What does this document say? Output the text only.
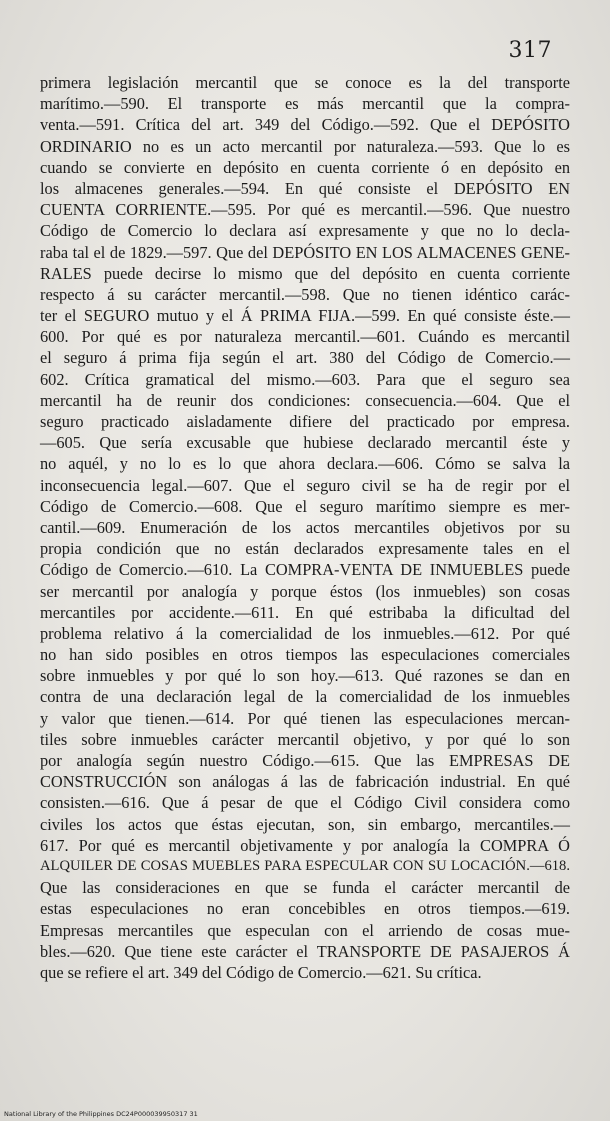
317
primera legislación mercantil que se conoce es la del transporte
marítimo.—590. El transporte es más mercantil que la compra-
venta.—591. Crítica del art. 349 del Código.—592. Que el DEPÓSITO
ORDINARIO no es un acto mercantil por naturaleza.—593. Que lo es
cuando se convierte en depósito en cuenta corriente ó en depósito en
los almacenes generales.—594. En qué consiste el DEPÓSITO EN
CUENTA CORRIENTE.—595. Por qué es mercantil.—596. Que nuestro
Código de Comercio lo declara así expresamente y que no lo decla-
raba tal el de 1829.—597. Que del DEPÓSITO EN LOS ALMACENES GENE-
RALES puede decirse lo mismo que del depósito en cuenta corriente
respecto á su carácter mercantil.—598. Que no tienen idéntico carác-
ter el SEGURO mutuo y el Á PRIMA FIJA.—599. En qué consiste éste.—
600. Por qué es por naturaleza mercantil.—601. Cuándo es mercantil
el seguro á prima fija según el art. 380 del Código de Comercio.—
602. Crítica gramatical del mismo.—603. Para que el seguro sea
mercantil ha de reunir dos condiciones: consecuencia.—604. Que el
seguro practicado aisladamente difiere del practicado por empresa.
—605. Que sería excusable que hubiese declarado mercantil éste y
no aquél, y no lo es lo que ahora declara.—606. Cómo se salva la
inconsecuencia legal.—607. Que el seguro civil se ha de regir por el
Código de Comercio.—608. Que el seguro marítimo siempre es mer-
cantil.—609. Enumeración de los actos mercantiles objetivos por su
propia condición que no están declarados expresamente tales en el
Código de Comercio.—610. La COMPRA-VENTA DE INMUEBLES puede
ser mercantil por analogía y porque éstos (los inmuebles) son cosas
mercantiles por accidente.—611. En qué estribaba la dificultad del
problema relativo á la comercialidad de los inmuebles.—612. Por qué
no han sido posibles en otros tiempos las especulaciones comerciales
sobre inmuebles y por qué lo son hoy.—613. Qué razones se dan en
contra de una declaración legal de la comercialidad de los inmuebles
y valor que tienen.—614. Por qué tienen las especulaciones mercan-
tiles sobre inmuebles carácter mercantil objetivo, y por qué lo son
por analogía según nuestro Código.—615. Que las EMPRESAS DE
CONSTRUCCIÓN son análogas á las de fabricación industrial. En qué
consisten.—616. Que á pesar de que el Código Civil considera como
civiles los actos que éstas ejecutan, son, sin embargo, mercantiles.—
617. Por qué es mercantil objetivamente y por analogía la COMPRA Ó
ALQUILER DE COSAS MUEBLES PARA ESPECULAR CON SU LOCACIÓN.—618.
Que las consideraciones en que se funda el carácter mercantil de
estas especulaciones no eran concebibles en otros tiempos.—619.
Empresas mercantiles que especulan con el arriendo de cosas mue-
bles.—620. Que tiene este carácter el TRANSPORTE DE PASAJEROS Á
que se refiere el art. 349 del Código de Comercio.—621. Su crítica.
National Library of the Philippines DC24P000039950317 31
